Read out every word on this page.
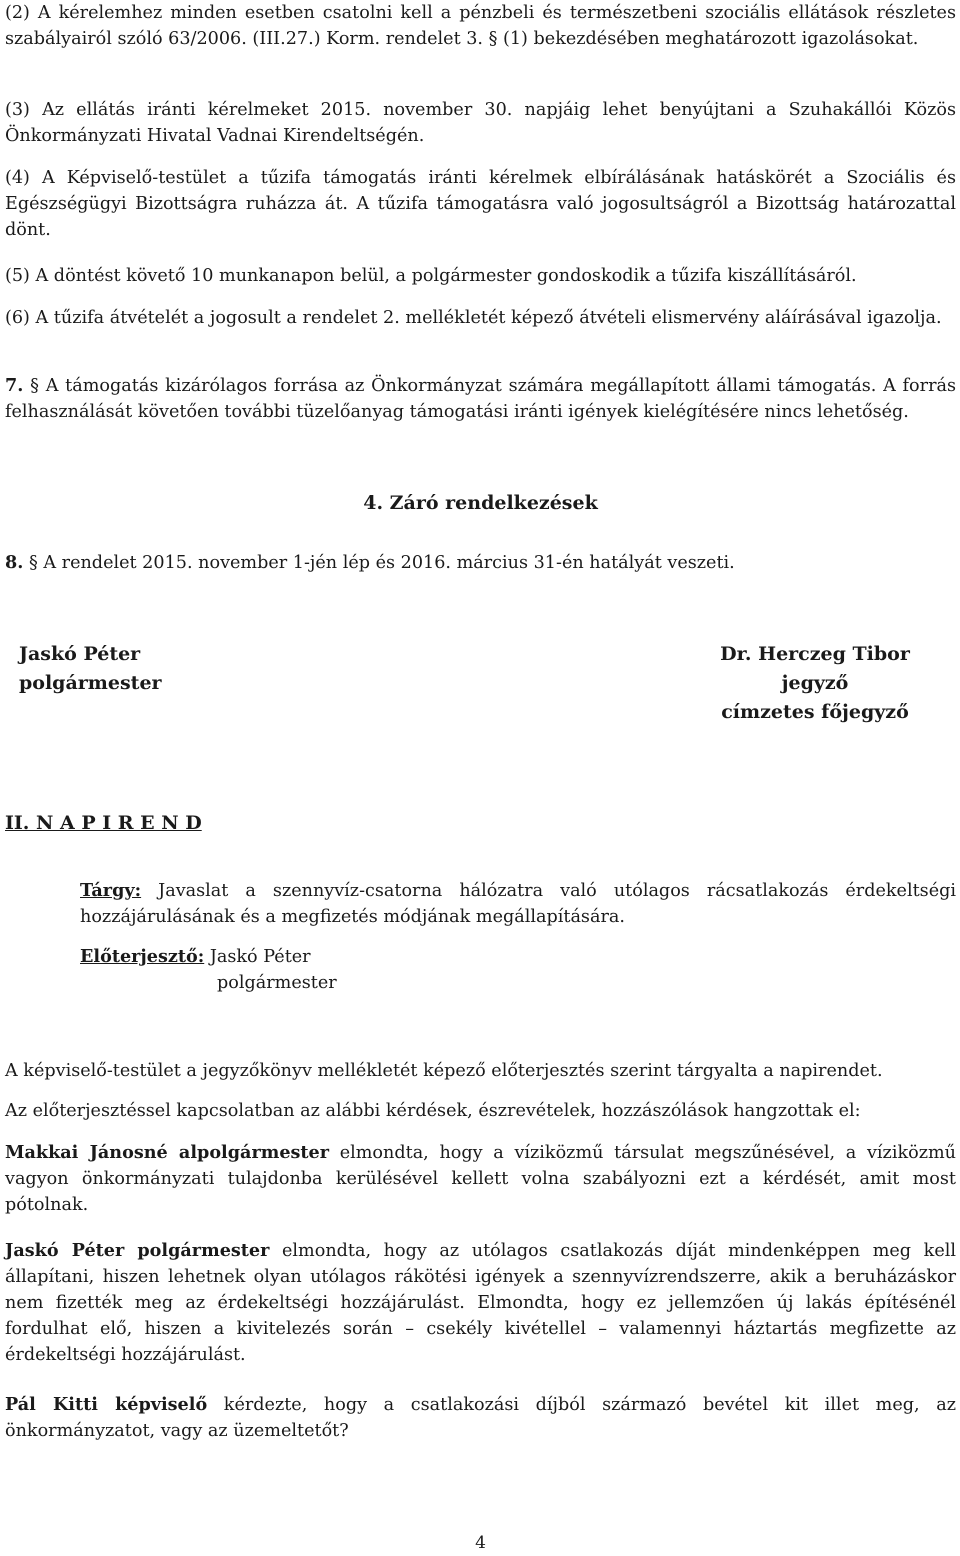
(2) A kérelemhez minden esetben csatolni kell a pénzbeli és természetbeni szociális ellátások részletes szabályairól szóló 63/2006. (III.27.) Korm. rendelet 3. § (1) bekezdésében meghatározott igazolásokat.

(3) Az ellátás iránti kérelmeket 2015. november 30. napjáig lehet benyújtani a Szuhakállói Közös Önkormányzati Hivatal Vadnai Kirendeltségén.

(4) A Képviselő-testület a tűzifa támogatás iránti kérelmek elbírálásának hatáskörét a Szociális és Egészségügyi Bizottságra ruházza át. A tűzifa támogatásra való jogosultságról a Bizottság határozattal dönt.

(5) A döntést követő 10 munkanapon belül, a polgármester gondoskodik a tűzifa kiszállításáról.

(6) A tűzifa átvételét a jogosult a rendelet 2. mellékletét képező átvételi elismervény aláírásával igazolja.

7. § A támogatás kizárólagos forrása az Önkormányzat számára megállapított állami támogatás. A forrás felhasználását követően további tüzelőanyag támogatási iránti igények kielégítésére nincs lehetőség.

4. Záró rendelkezések

8. § A rendelet 2015. november 1-jén lép és 2016. március 31-én hatályát veszeti.

Jaskó Péter
polgármester
Dr. Herczeg Tibor
jegyző
címzetes főjegyző

II. N A P I R E N D

Tárgy: Javaslat a szennyvíz-csatorna hálózatra való utólagos rácsatlakozás érdekeltségi hozzájárulásának és a megfizetés módjának megállapítására.

Előterjesztő: Jaskó Péter
polgármester

A képviselő-testület a jegyzőkönyv mellékletét képező előterjesztés szerint tárgyalta a napirendet.

Az előterjesztéssel kapcsolatban az alábbi kérdések, észrevételek, hozzászólások hangzottak el:

Makkai Jánosné alpolgármester elmondta, hogy a víziközmű társulat megszűnésével, a víziközmű vagyon önkormányzati tulajdonba kerülésével kellett volna szabályozni ezt a kérdését, amit most pótolnak.

Jaskó Péter polgármester elmondta, hogy az utólagos csatlakozás díját mindenképpen meg kell állapítani, hiszen lehetnek olyan utólagos rákötési igények a szennyvízrendszerre, akik a beruházáskor nem fizették meg az érdekeltségi hozzájárulást. Elmondta, hogy ez jellemzően új lakás építésénél fordulhat elő, hiszen a kivitelezés során – csekély kivétellel – valamennyi háztartás megfizette az érdekeltségi hozzájárulást.

Pál Kitti képviselő kérdezte, hogy a csatlakozási díjból származó bevétel kit illet meg, az önkormányzatot, vagy az üzemeltetőt?

4
